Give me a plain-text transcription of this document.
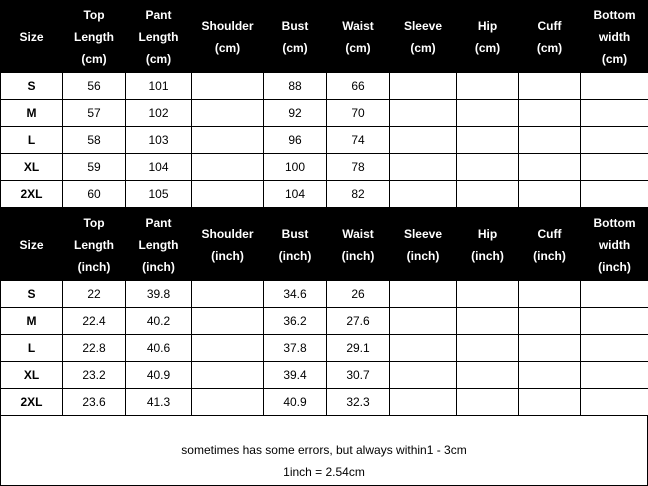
Size	Top
Length
(cm)	Pant
Length
(cm)	Shoulder
(cm)	Bust
(cm)	Waist
(cm)	Sleeve
(cm)	Hip
(cm)	Cuff
(cm)	Bottom
width
(cm)

S	56	101		88	66				
M	57	102		92	70				
L	58	103		96	74				
XL	59	104		100	78				
2XL	60	105		104	82				
Size	Top
Length
(inch)	Pant
Length
(inch)	Shoulder
(inch)	Bust
(inch)	Waist
(inch)	Sleeve
(inch)	Hip
(inch)	Cuff
(inch)	Bottom
width
(inch)

S	22	39.8		34.6	26				
M	22.4	40.2		36.2	27.6				
L	22.8	40.6		37.8	29.1				
XL	23.2	40.9		39.4	30.7				
2XL	23.6	41.3		40.9	32.3				
sometimes has some errors, but always within1 - 3cm
1inch = 2.54cm
